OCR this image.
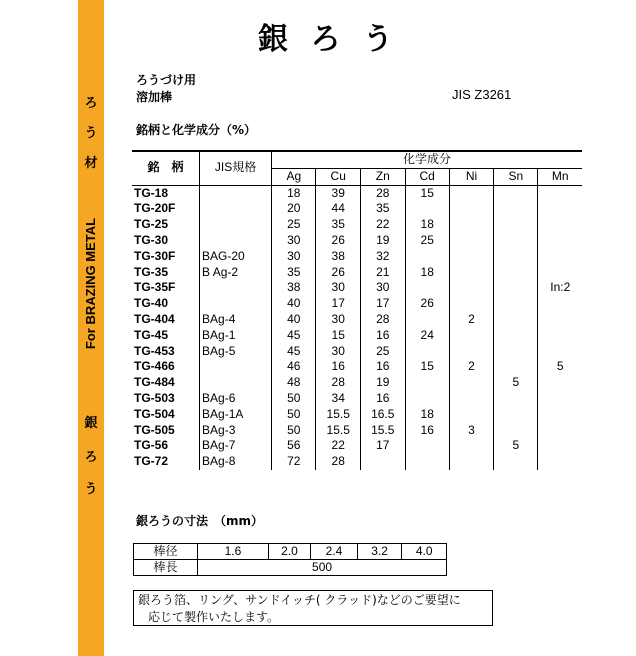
ろ
う
材
For BRAZING METAL
銀
ろ
う
銀 ろ う
ろうづけ用
溶加棒	JIS Z3261
銘柄と化学成分（%）
銘　柄	JIS規格	化学成分						
		Ag	Cu	Zn	Cd	Ni	Sn	Mn
TG-18		18	39	28	15			
TG-20F		20	44	35				
TG-25		25	35	22	18			
TG-30		30	26	19	25			
TG-30F	BAG-20	30	38	32				
TG-35	B Ag-2	35	26	21	18			
TG-35F		38	30	30				In:2
TG-40		40	17	17	26			
TG-404	BAg-4	40	30	28		2		
TG-45	BAg-1	45	15	16	24			
TG-453	BAg-5	45	30	25				
TG-466		46	16	16	15	2		5
TG-484		48	28	19			5	
TG-503	BAg-6	50	34	16				
TG-504	BAg-1A	50	15.5	16.5	18			
TG-505	BAg-3	50	15.5	15.5	16	3		
TG-56	BAg-7	56	22	17			5	
TG-72	BAg-8	72	28					
銀ろうの寸法　（mm）
棒径	1.6	2.0	2.4	3.2	4.0
棒長	500				
銀ろう箔、リング、サンドイッチ( クラッド)などのご要望に
応じて製作いたします。
